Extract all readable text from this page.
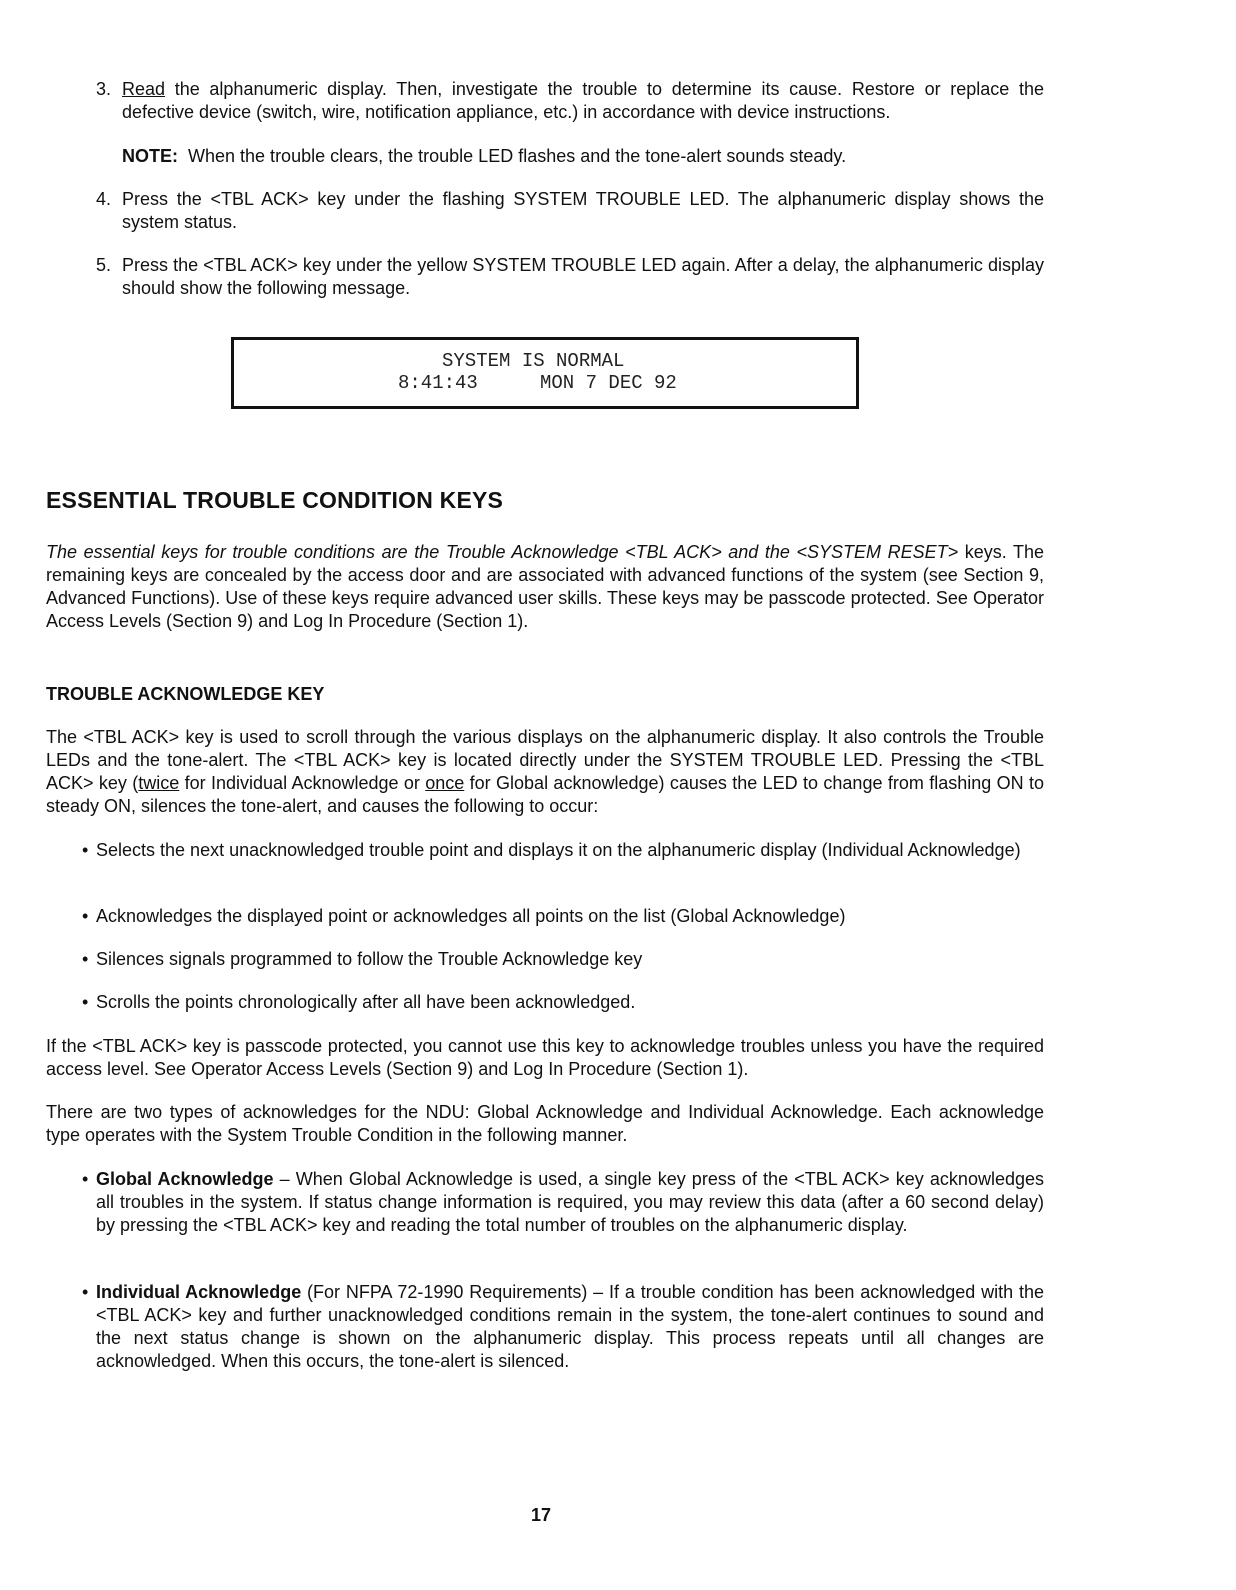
3. Read the alphanumeric display. Then, investigate the trouble to determine its cause. Restore or replace the defective device (switch, wire, notification appliance, etc.) in accordance with device instructions.
NOTE: When the trouble clears, the trouble LED flashes and the tone-alert sounds steady.
4. Press the <TBL ACK> key under the flashing SYSTEM TROUBLE LED. The alphanumeric display shows the system status.
5. Press the <TBL ACK> key under the yellow SYSTEM TROUBLE LED again. After a delay, the alphanumeric display should show the following message.
SYSTEM IS NORMAL
8:41:43	MON 7 DEC 92
ESSENTIAL TROUBLE CONDITION KEYS
The essential keys for trouble conditions are the Trouble Acknowledge <TBL ACK> and the <SYSTEM RESET> keys. The remaining keys are concealed by the access door and are associated with advanced functions of the system (see Section 9, Advanced Functions). Use of these keys require advanced user skills. These keys may be passcode protected. See Operator Access Levels (Section 9) and Log In Procedure (Section 1).
TROUBLE ACKNOWLEDGE KEY
The <TBL ACK> key is used to scroll through the various displays on the alphanumeric display. It also controls the Trouble LEDs and the tone-alert. The <TBL ACK> key is located directly under the SYSTEM TROUBLE LED. Pressing the <TBL ACK> key (twice for Individual Acknowledge or once for Global acknowledge) causes the LED to change from flashing ON to steady ON, silences the tone-alert, and causes the following to occur:
• Selects the next unacknowledged trouble point and displays it on the alphanumeric display (Individual Acknowledge)
• Acknowledges the displayed point or acknowledges all points on the list (Global Acknowledge)
• Silences signals programmed to follow the Trouble Acknowledge key
• Scrolls the points chronologically after all have been acknowledged.
If the <TBL ACK> key is passcode protected, you cannot use this key to acknowledge troubles unless you have the required access level. See Operator Access Levels (Section 9) and Log In Procedure (Section 1).
There are two types of acknowledges for the NDU: Global Acknowledge and Individual Acknowledge. Each acknowledge type operates with the System Trouble Condition in the following manner.
• Global Acknowledge – When Global Acknowledge is used, a single key press of the <TBL ACK> key acknowledges all troubles in the system. If status change information is required, you may review this data (after a 60 second delay) by pressing the <TBL ACK> key and reading the total number of troubles on the alphanumeric display.
• Individual Acknowledge (For NFPA 72-1990 Requirements) – If a trouble condition has been acknowledged with the <TBL ACK> key and further unacknowledged conditions remain in the system, the tone-alert continues to sound and the next status change is shown on the alphanumeric display. This process repeats until all changes are acknowledged. When this occurs, the tone-alert is silenced.
17
